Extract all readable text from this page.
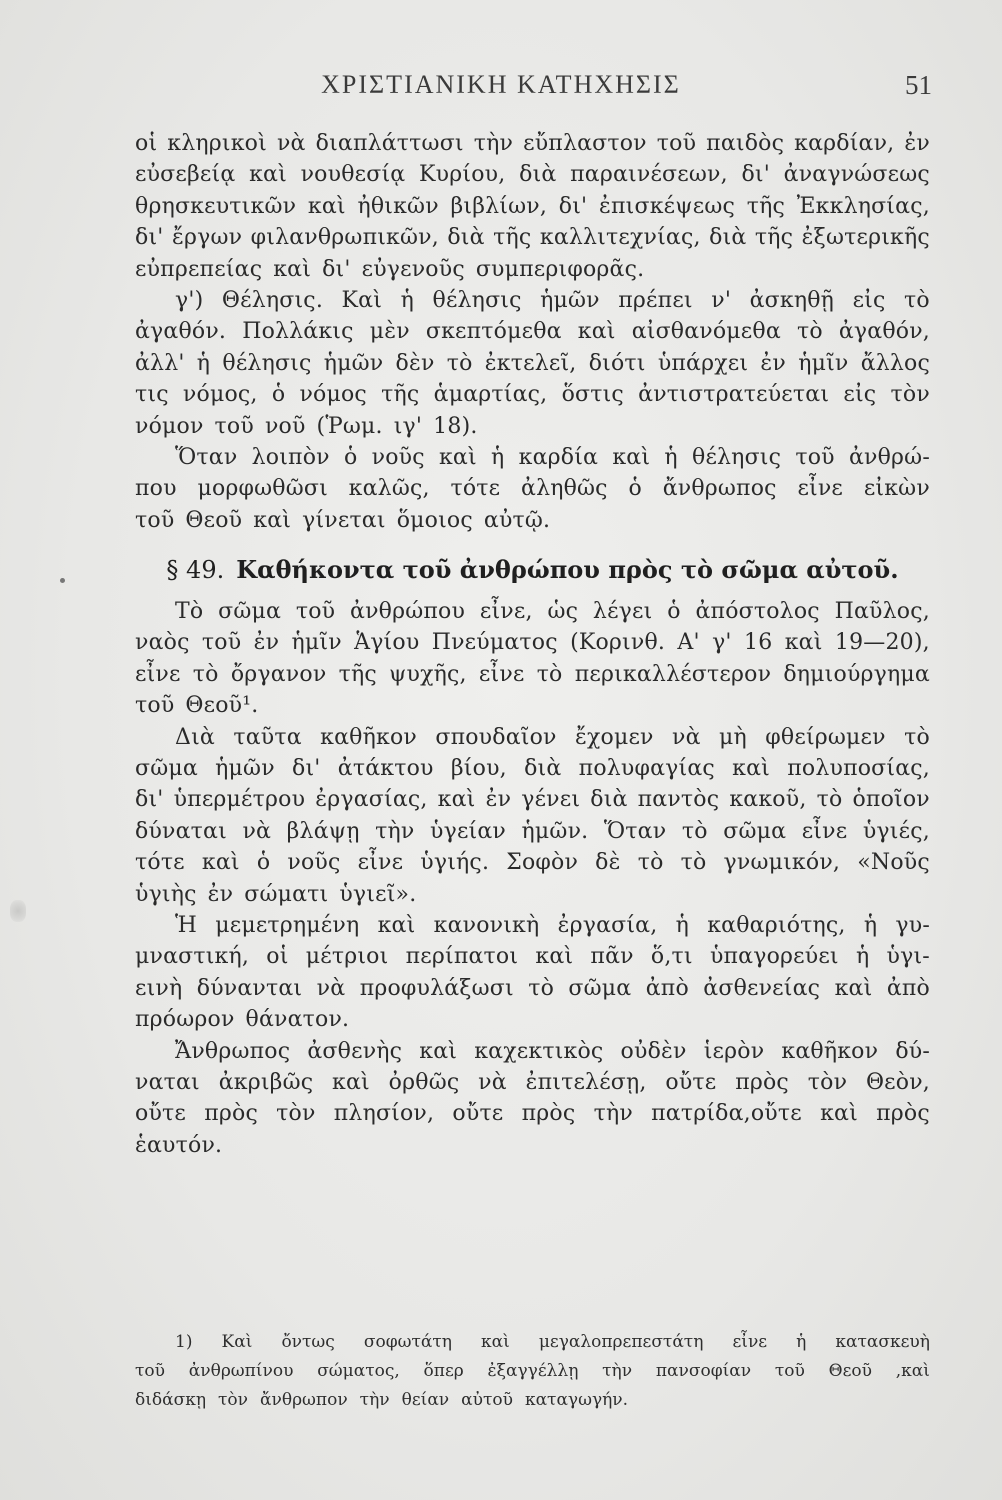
ΧΡΙΣΤΙΑΝΙΚΗ ΚΑΤΗΧΗΣΙΣ	51
οἱ κληρικοὶ νὰ διαπλάττωσι τὴν εὔπλαστον τοῦ παιδὸς καρδίαν, ἐν
εὐσεβείᾳ καὶ νουθεσίᾳ Κυρίου, διὰ παραινέσεων, δι' ἀναγνώσεως
θρησκευτικῶν καὶ ἠθικῶν βιβλίων, δι' ἐπισκέψεως τῆς Ἐκκλησίας,
δι' ἔργων φιλανθρωπικῶν, διὰ τῆς καλλιτεχνίας, διὰ τῆς ἐξωτερικῆς
εὐπρεπείας καὶ δι' εὐγενοῦς συμπεριφορᾶς.
γ') Θέλησις. Καὶ ἡ θέλησις ἡμῶν πρέπει ν' ἀσκηθῇ εἰς τὸ
ἀγαθόν. Πολλάκις μὲν σκεπτόμεθα καὶ αἰσθανόμεθα τὸ ἀγαθόν,
ἀλλ' ἡ θέλησις ἡμῶν δὲν τὸ ἐκτελεῖ, διότι ὑπάρχει ἐν ἡμῖν ἄλλος
τις νόμος, ὁ νόμος τῆς ἁμαρτίας, ὅστις ἀντιστρατεύεται εἰς τὸν
νόμον τοῦ νοῦ (Ῥωμ. ιγ' 18).
Ὅταν λοιπὸν ὁ νοῦς καὶ ἡ καρδία καὶ ἡ θέλησις τοῦ ἀνθρώ-
που μορφωθῶσι καλῶς, τότε ἀληθῶς ὁ ἄνθρωπος εἶνε εἰκὼν
τοῦ Θεοῦ καὶ γίνεται ὅμοιος αὐτῷ.
§ 49. Καθήκοντα τοῦ ἀνθρώπου πρὸς τὸ σῶμα αὐτοῦ.
Τὸ σῶμα τοῦ ἀνθρώπου εἶνε, ὡς λέγει ὁ ἀπόστολος Παῦλος,
ναὸς τοῦ ἐν ἡμῖν Ἁγίου Πνεύματος (Κορινθ. Α' γ' 16 καὶ 19—20),
εἶνε τὸ ὄργανον τῆς ψυχῆς, εἶνε τὸ περικαλλέστερον δημιούργημα
τοῦ Θεοῦ¹.
Διὰ ταῦτα καθῆκον σπουδαῖον ἔχομεν νὰ μὴ φθείρωμεν τὸ
σῶμα ἡμῶν δι' ἀτάκτου βίου, διὰ πολυφαγίας καὶ πολυποσίας,
δι' ὑπερμέτρου ἐργασίας, καὶ ἐν γένει διὰ παντὸς κακοῦ, τὸ ὁποῖον
δύναται νὰ βλάψῃ τὴν ὑγείαν ἡμῶν. Ὅταν τὸ σῶμα εἶνε ὑγιές,
τότε καὶ ὁ νοῦς εἶνε ὑγιής. Σοφὸν δὲ τὸ τὸ γνωμικόν, «Νοῦς
ὑγιὴς ἐν σώματι ὑγιεῖ».
Ἡ μεμετρημένη καὶ κανονικὴ ἐργασία, ἡ καθαριότης, ἡ γυ-
μναστική, οἱ μέτριοι περίπατοι καὶ πᾶν ὅ,τι ὑπαγορεύει ἡ ὑγι-
εινὴ δύνανται νὰ προφυλάξωσι τὸ σῶμα ἀπὸ ἀσθενείας καὶ ἀπὸ
πρόωρον θάνατον.
Ἄνθρωπος ἀσθενὴς καὶ καχεκτικὸς οὐδὲν ἱερὸν καθῆκον δύ-
ναται ἀκριβῶς καὶ ὀρθῶς νὰ ἐπιτελέσῃ, οὔτε πρὸς τὸν Θεὸν,
οὔτε πρὸς τὸν πλησίον, οὔτε πρὸς τὴν πατρίδα,οὔτε καὶ πρὸς
ἑαυτόν.
1) Καὶ ὄντως σοφωτάτη καὶ μεγαλοπρεπεστάτη εἶνε ἡ κατασκευὴ
τοῦ ἀνθρωπίνου σώματος, ὅπερ ἐξαγγέλλῃ τὴν πανσοφίαν τοῦ Θεοῦ ,καὶ
διδάσκῃ τὸν ἄνθρωπον τὴν θείαν αὐτοῦ καταγωγήν.
